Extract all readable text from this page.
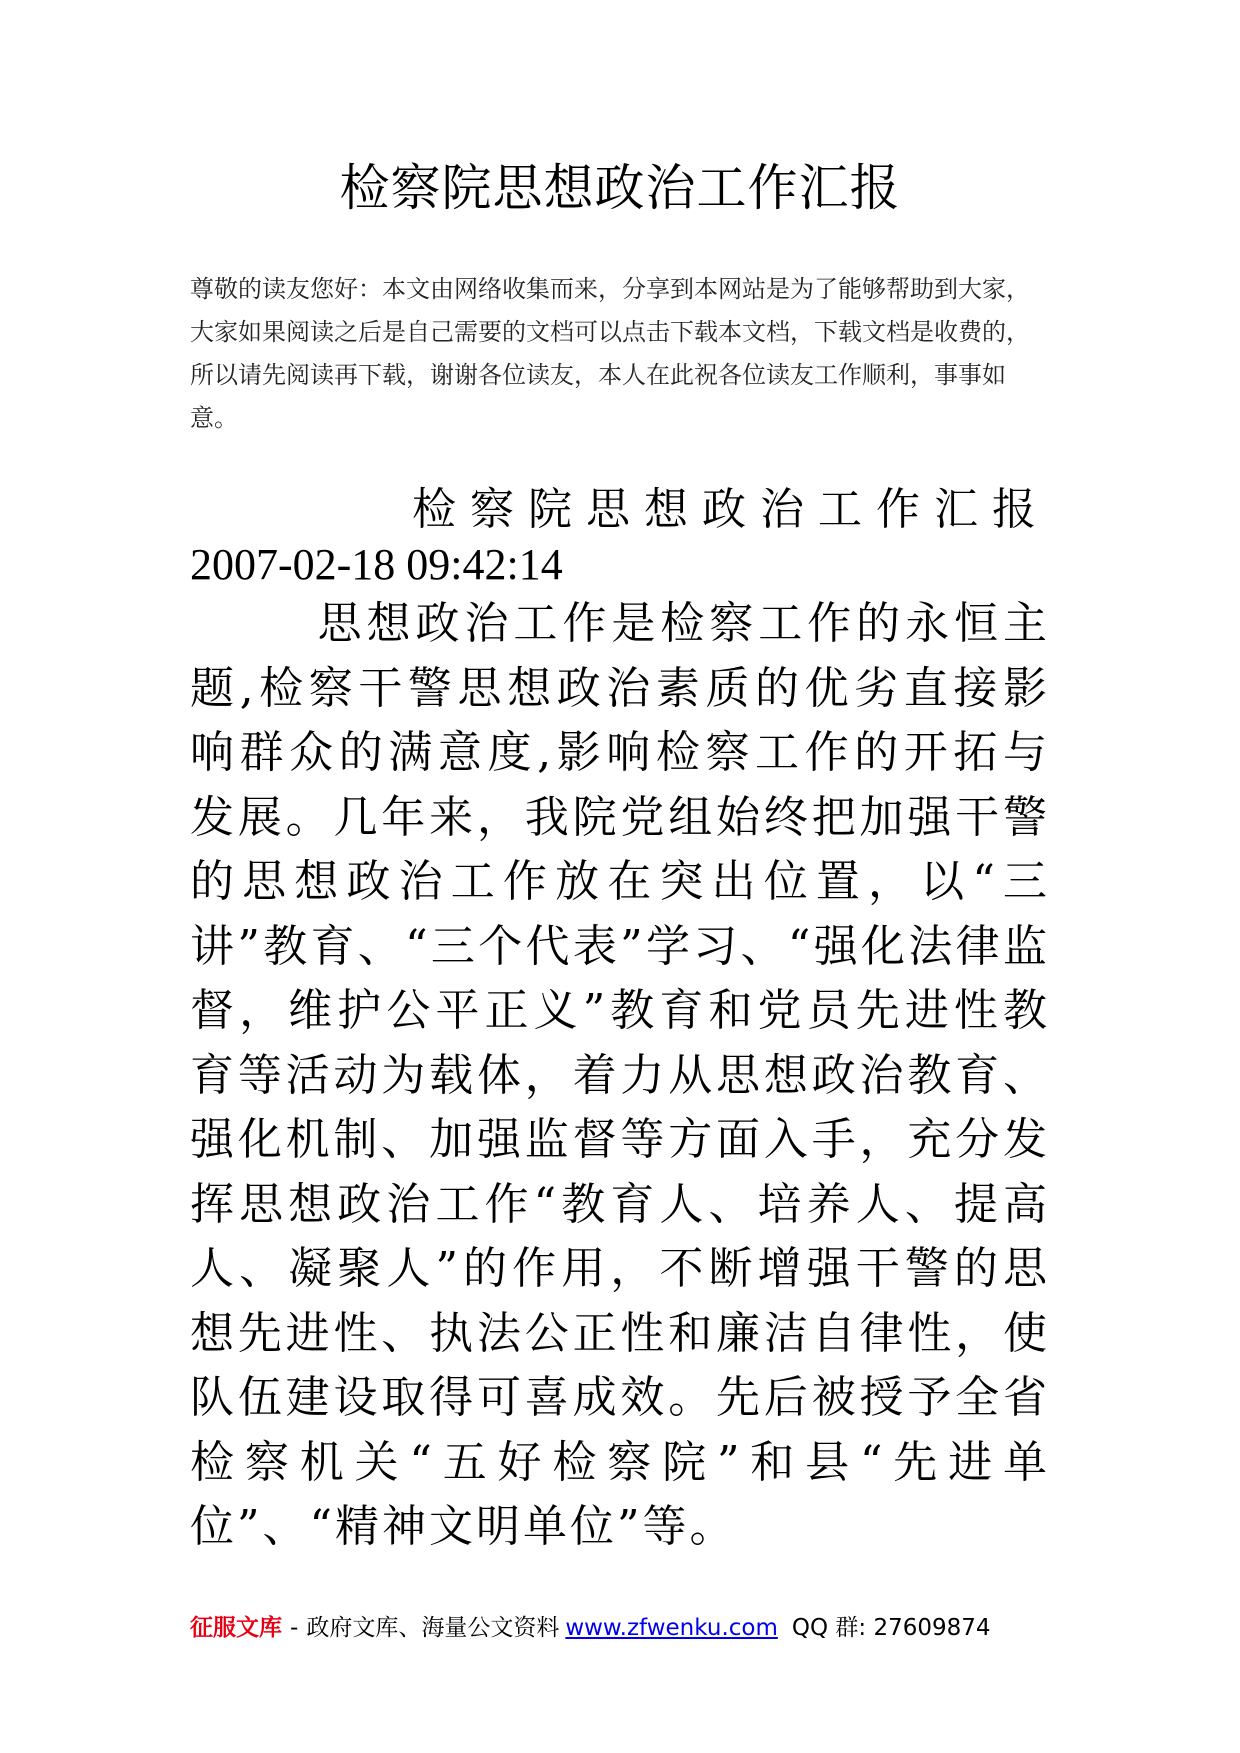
检察院思想政治工作汇报

尊敬的读友您好：本文由网络收集而来，分享到本网站是为了能够帮助到大家，大家如果阅读之后是自己需要的文档可以点击下载本文档，下载文档是收费的，所以请先阅读再下载，谢谢各位读友，本人在此祝各位读友工作顺利，事事如意。

检察院思想政治工作汇报

2007-02-18 09:42:14

思想政治工作是检察工作的永恒主题,检察干警思想政治素质的优劣直接影响群众的满意度,影响检察工作的开拓与发展。几年来，我院党组始终把加强干警的思想政治工作放在突出位置，以“三讲”教育、“三个代表”学习、“强化法律监督，维护公平正义”教育和党员先进性教育等活动为载体，着力从思想政治教育、强化机制、加强监督等方面入手，充分发挥思想政治工作“教育人、培养人、提高人、凝聚人”的作用，不断增强干警的思想先进性、执法公正性和廉洁自律性，使队伍建设取得可喜成效。先后被授予全省检察机关“五好检察院”和县“先进单位”、“精神文明单位”等。

征服文库 - 政府文库、海量公文资料 www.zfwenku.com QQ 群: 27609874
